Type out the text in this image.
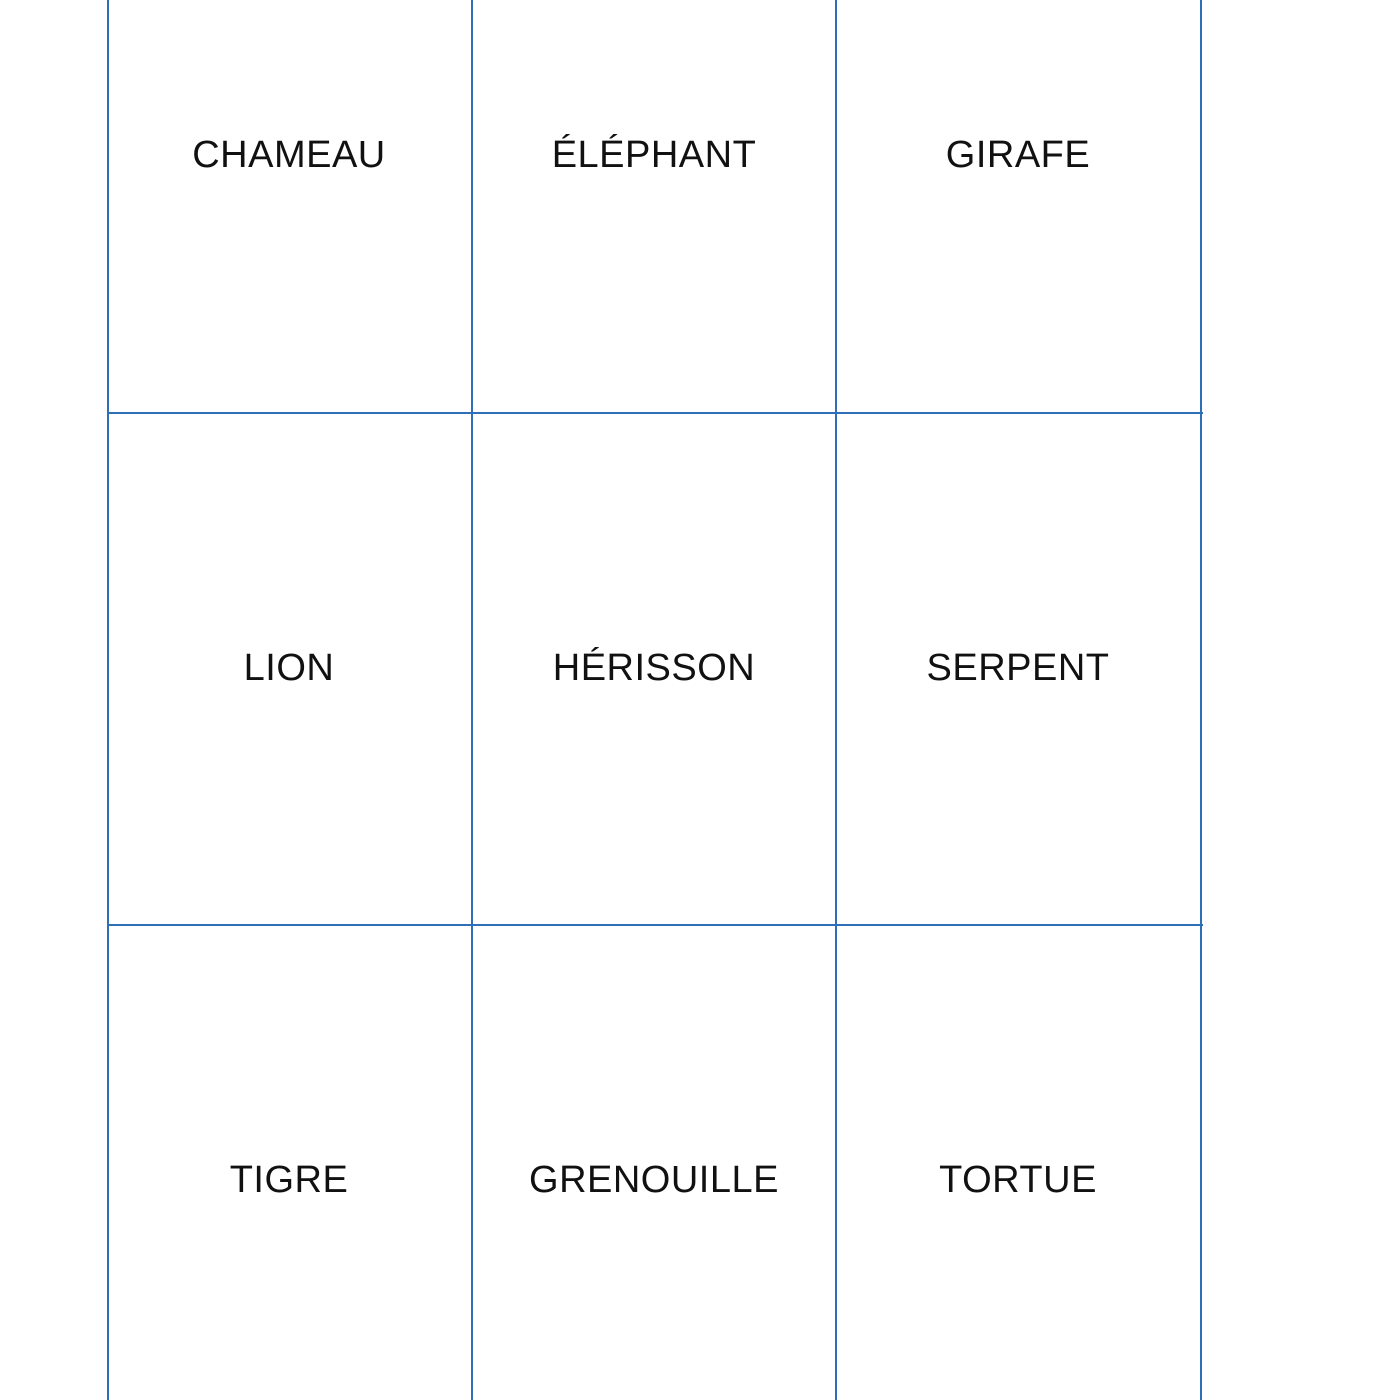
CHAMEAU	ÉLÉPHANT	GIRAFE
LION	HÉRISSON	SERPENT
TIGRE	GRENOUILLE	TORTUE
